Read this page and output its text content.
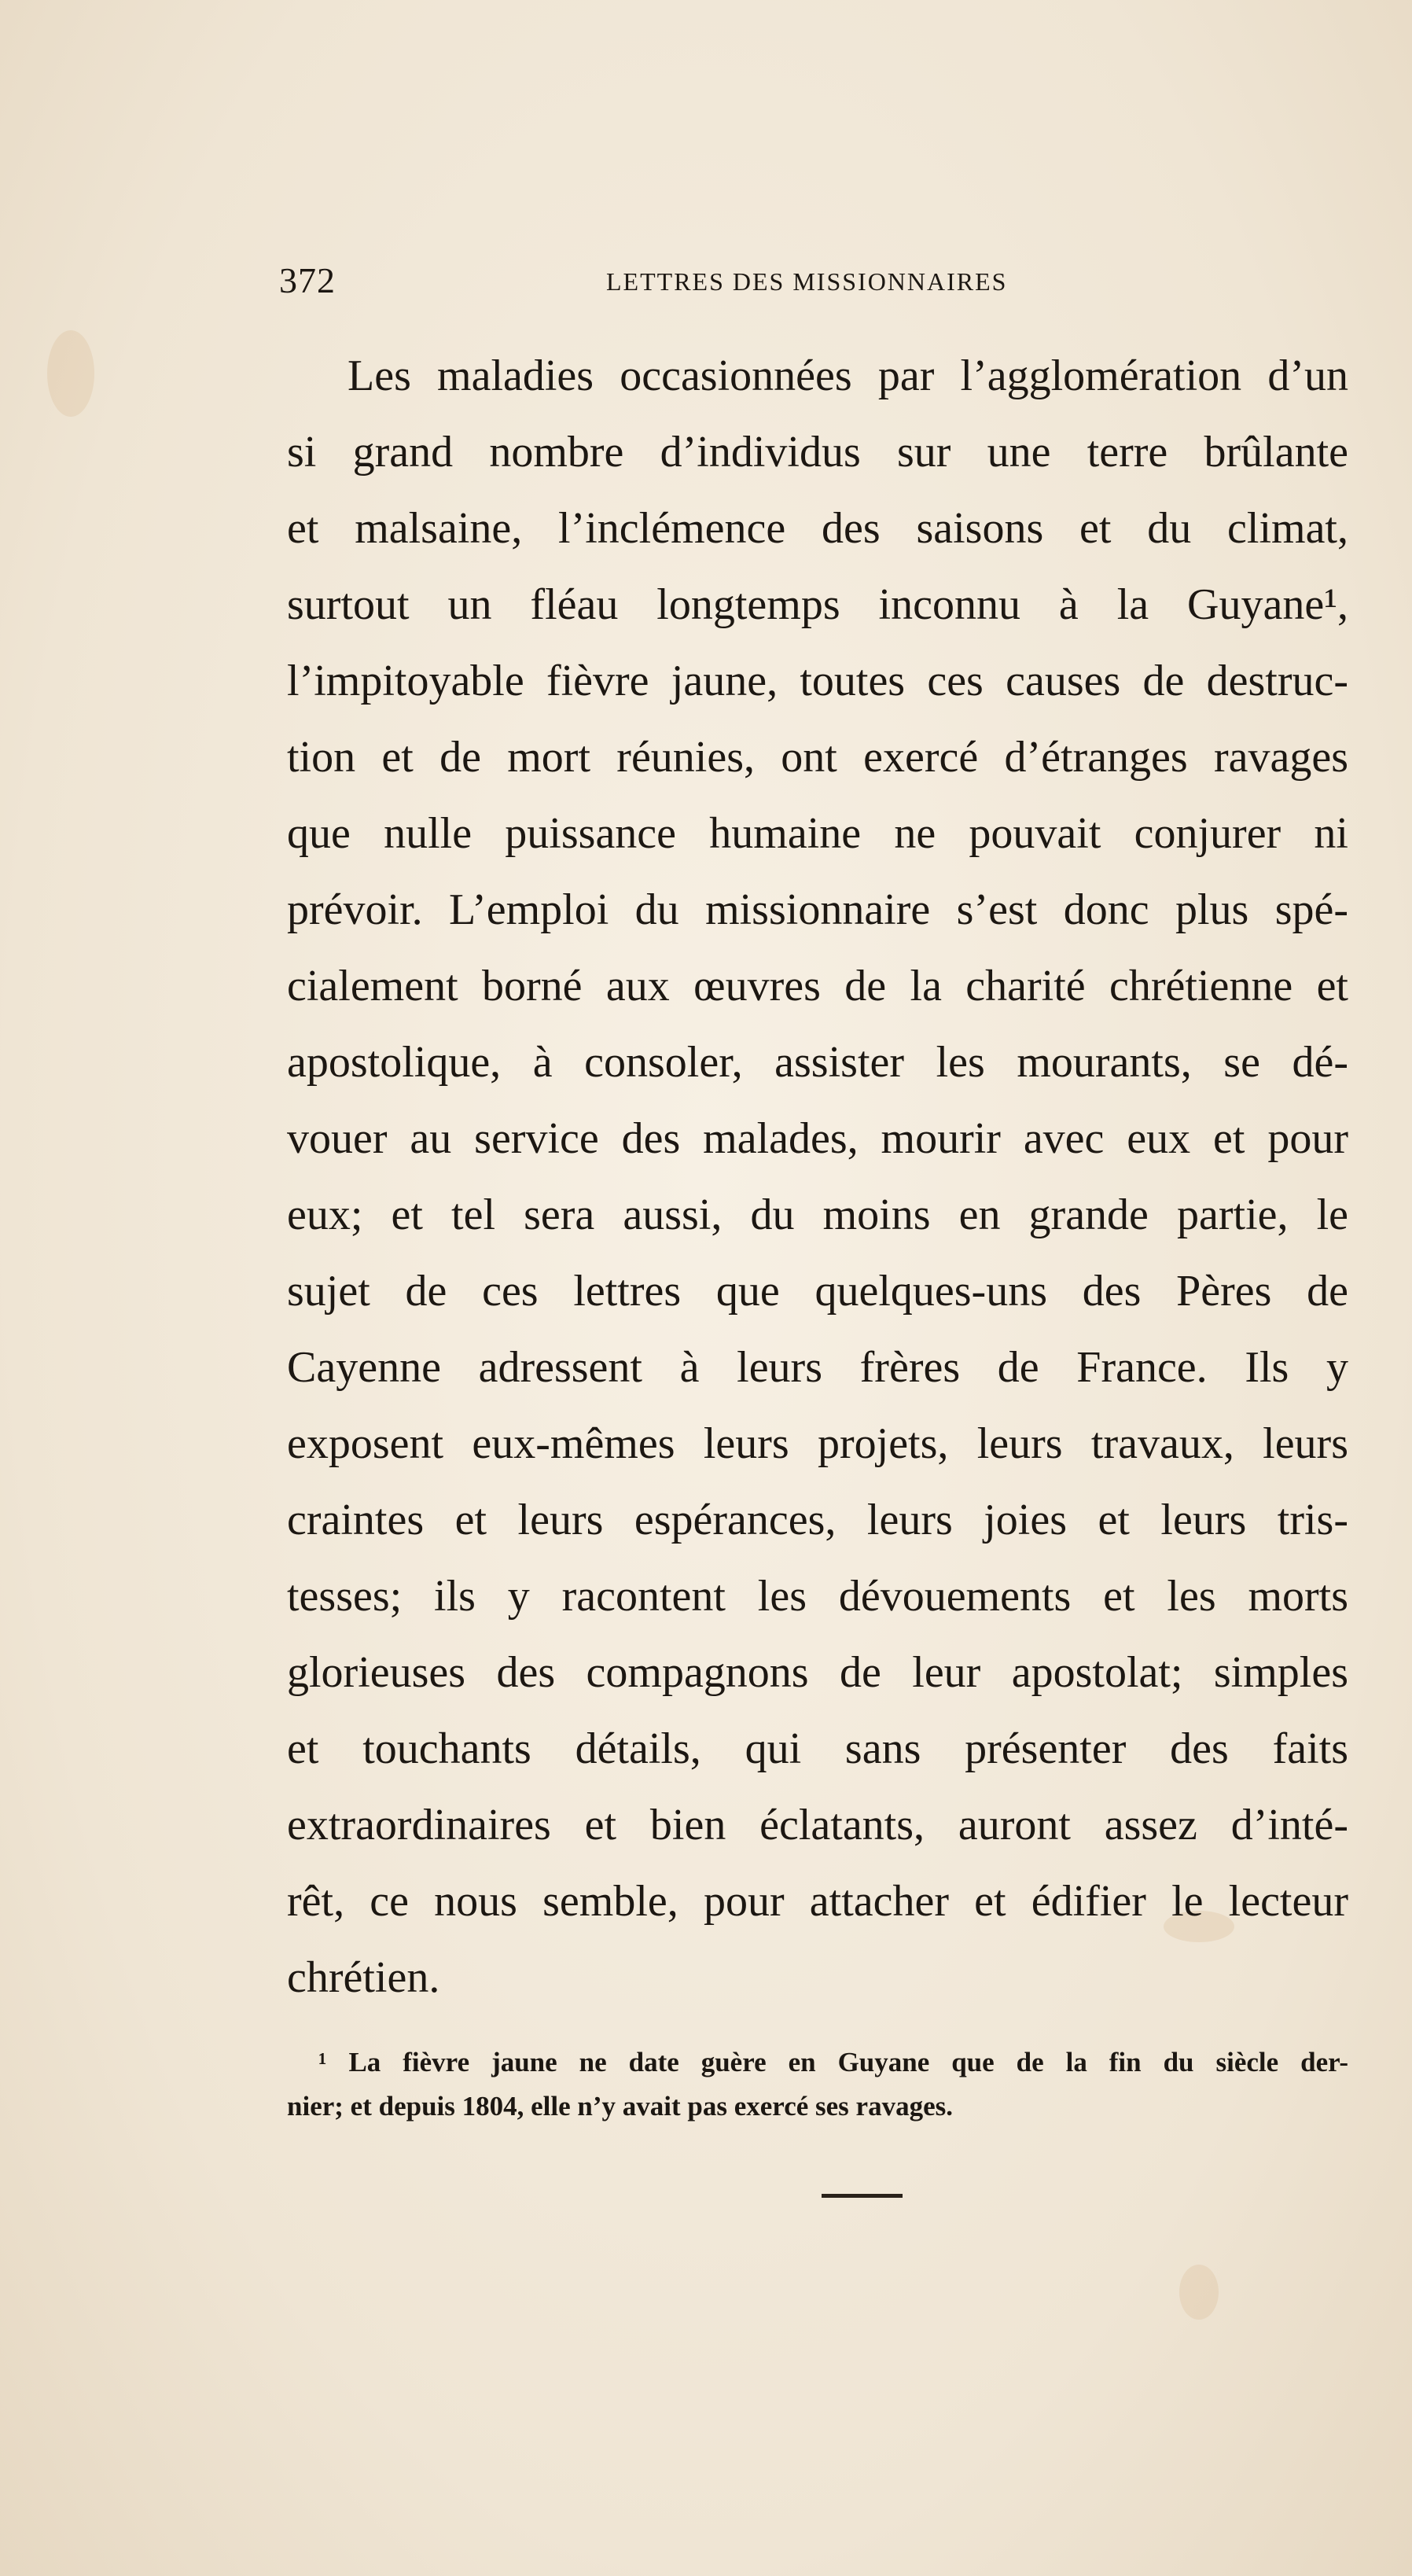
372	LETTRES DES MISSIONNAIRES
Les maladies occasionnées par l’agglomération d’un
si grand nombre d’individus sur une terre brûlante
et malsaine, l’inclémence des saisons et du climat,
surtout un fléau longtemps inconnu à la Guyane¹,
l’impitoyable fièvre jaune, toutes ces causes de destruc-
tion et de mort réunies, ont exercé d’étranges ravages
que nulle puissance humaine ne pouvait conjurer ni
prévoir. L’emploi du missionnaire s’est donc plus spé-
cialement borné aux œuvres de la charité chrétienne et
apostolique, à consoler, assister les mourants, se dé-
vouer au service des malades, mourir avec eux et pour
eux; et tel sera aussi, du moins en grande partie, le
sujet de ces lettres que quelques-uns des Pères de
Cayenne adressent à leurs frères de France. Ils y
exposent eux-mêmes leurs projets, leurs travaux, leurs
craintes et leurs espérances, leurs joies et leurs tris-
tesses; ils y racontent les dévouements et les morts
glorieuses des compagnons de leur apostolat; simples
et touchants détails, qui sans présenter des faits
extraordinaires et bien éclatants, auront assez d’inté-
rêt, ce nous semble, pour attacher et édifier le lecteur
chrétien.
¹ La fièvre jaune ne date guère en Guyane que de la fin du siècle der-
nier; et depuis 1804, elle n’y avait pas exercé ses ravages.
